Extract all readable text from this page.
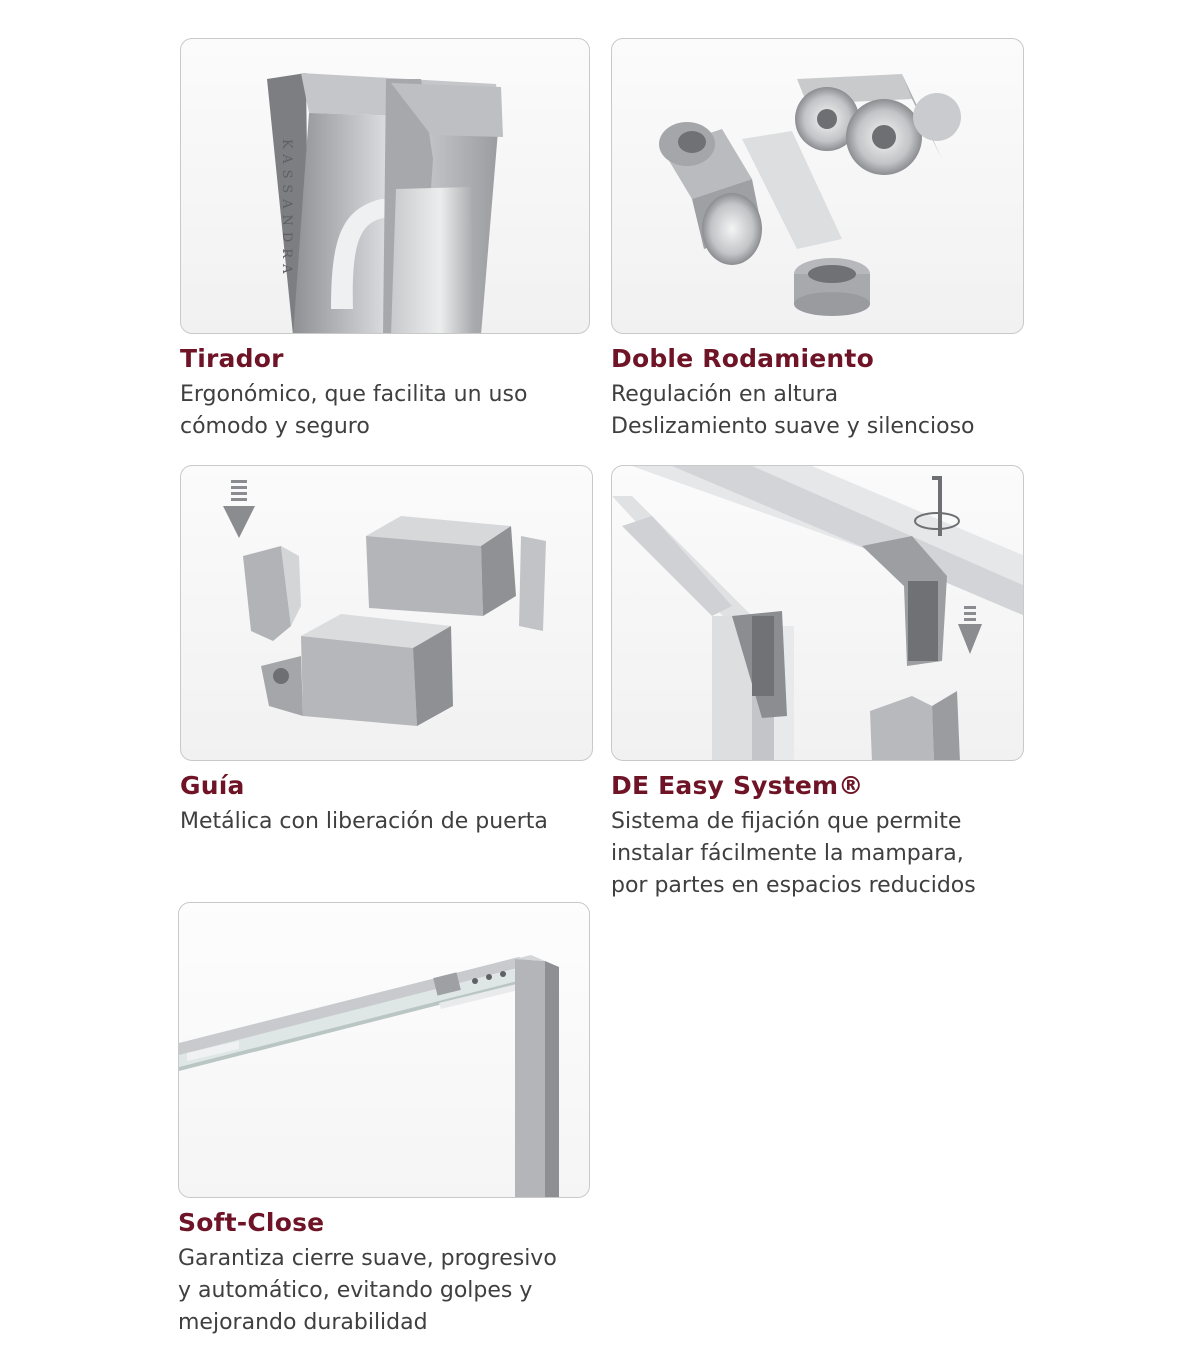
KASSANDRA
Tirador
Ergonómico, que facilita un uso
cómodo y seguro
Doble Rodamiento
Regulación en altura
Deslizamiento suave y silencioso
Guía
Metálica con liberación de puerta
DE Easy System®
Sistema de fijación que permite
instalar fácilmente la mampara,
por partes en espacios reducidos
Soft-Close
Garantiza cierre suave, progresivo
y automático, evitando golpes y
mejorando durabilidad
